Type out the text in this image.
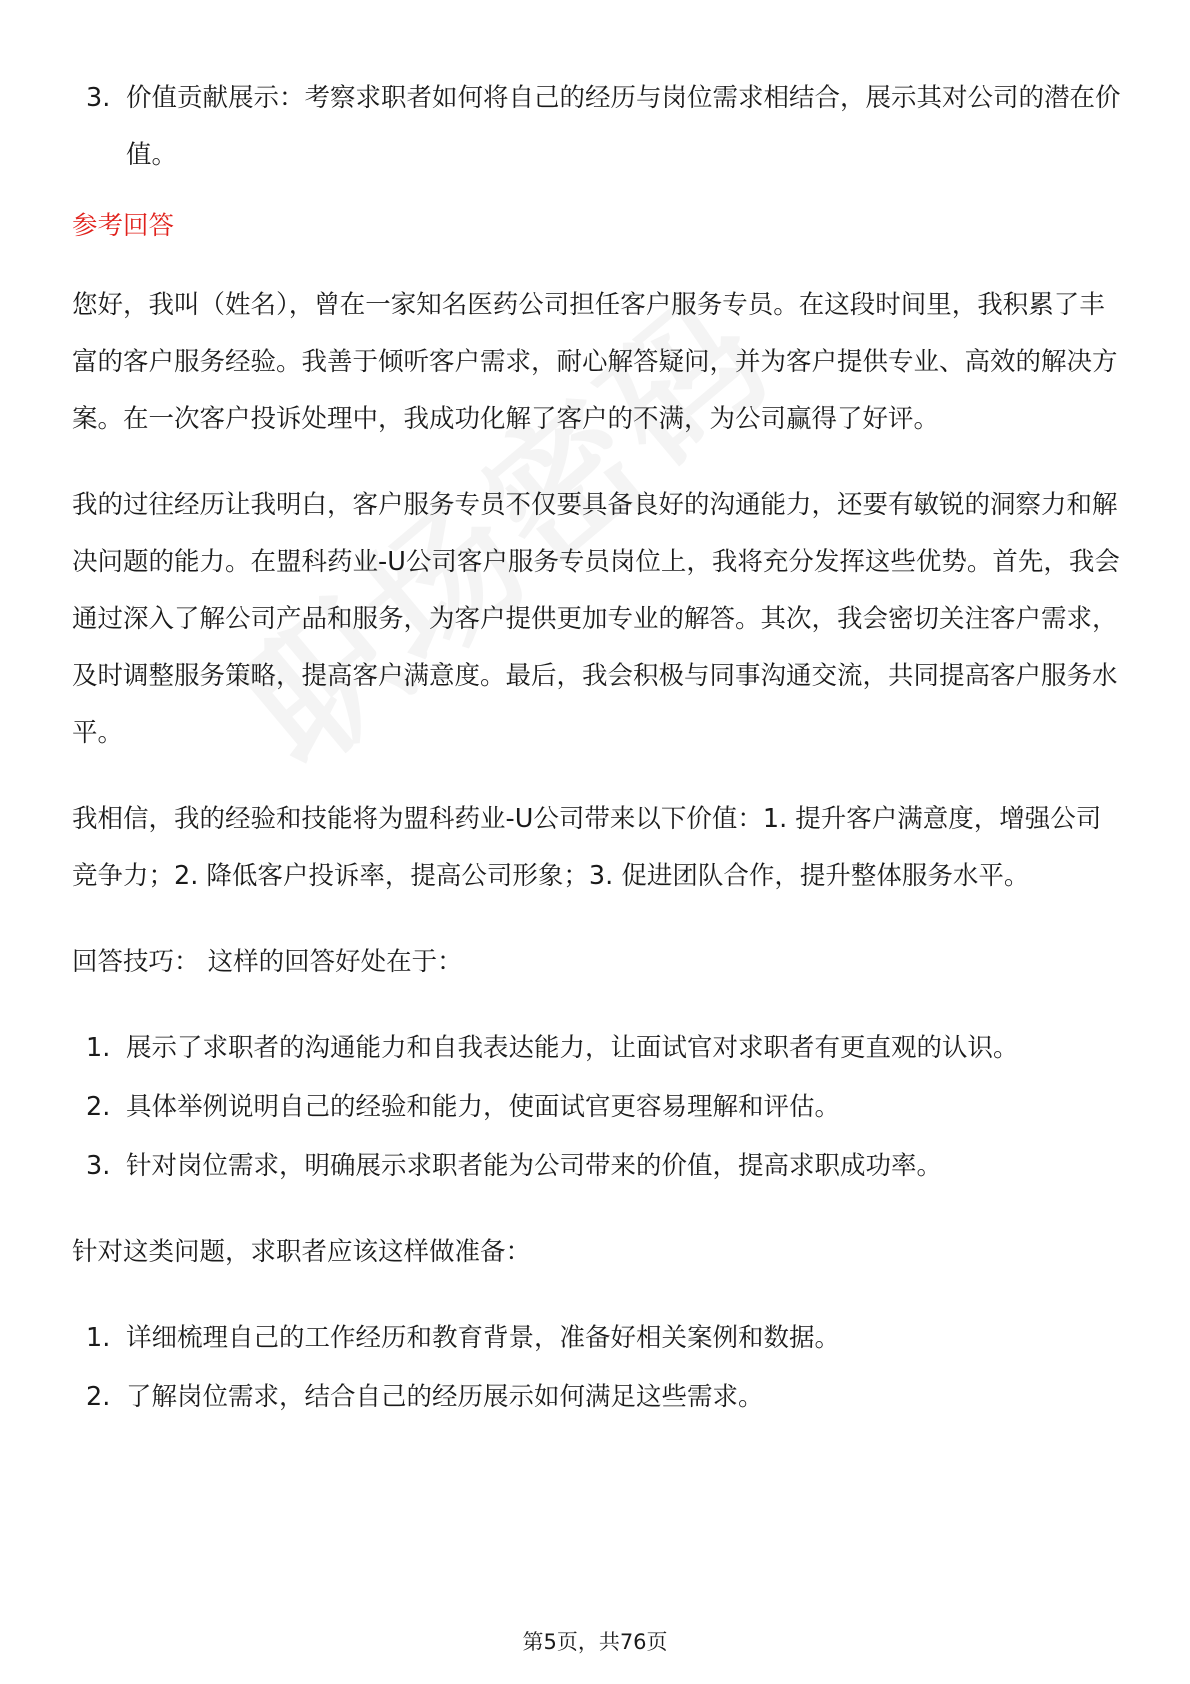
3. 价值贡献展示：考察求职者如何将自己的经历与岗位需求相结合，展示其对公司的潜在价值。
参考回答

您好，我叫（姓名），曾在一家知名医药公司担任客户服务专员。在这段时间里，我积累了丰富的客户服务经验。我善于倾听客户需求，耐心解答疑问，并为客户提供专业、高效的解决方案。在一次客户投诉处理中，我成功化解了客户的不满，为公司赢得了好评。

我的过往经历让我明白，客户服务专员不仅要具备良好的沟通能力，还要有敏锐的洞察力和解决问题的能力。在盟科药业-U公司客户服务专员岗位上，我将充分发挥这些优势。首先，我会通过深入了解公司产品和服务，为客户提供更加专业的解答。其次，我会密切关注客户需求，及时调整服务策略，提高客户满意度。最后，我会积极与同事沟通交流，共同提高客户服务水平。

我相信，我的经验和技能将为盟科药业-U公司带来以下价值：1. 提升客户满意度，增强公司竞争力；2. 降低客户投诉率，提高公司形象；3. 促进团队合作，提升整体服务水平。

回答技巧： 这样的回答好处在于：

1. 展示了求职者的沟通能力和自我表达能力，让面试官对求职者有更直观的认识。
2. 具体举例说明自己的经验和能力，使面试官更容易理解和评估。
3. 针对岗位需求，明确展示求职者能为公司带来的价值，提高求职成功率。

针对这类问题，求职者应该这样做准备：

1. 详细梳理自己的工作经历和教育背景，准备好相关案例和数据。
2. 了解岗位需求，结合自己的经历展示如何满足这些需求。
第5页，共76页
